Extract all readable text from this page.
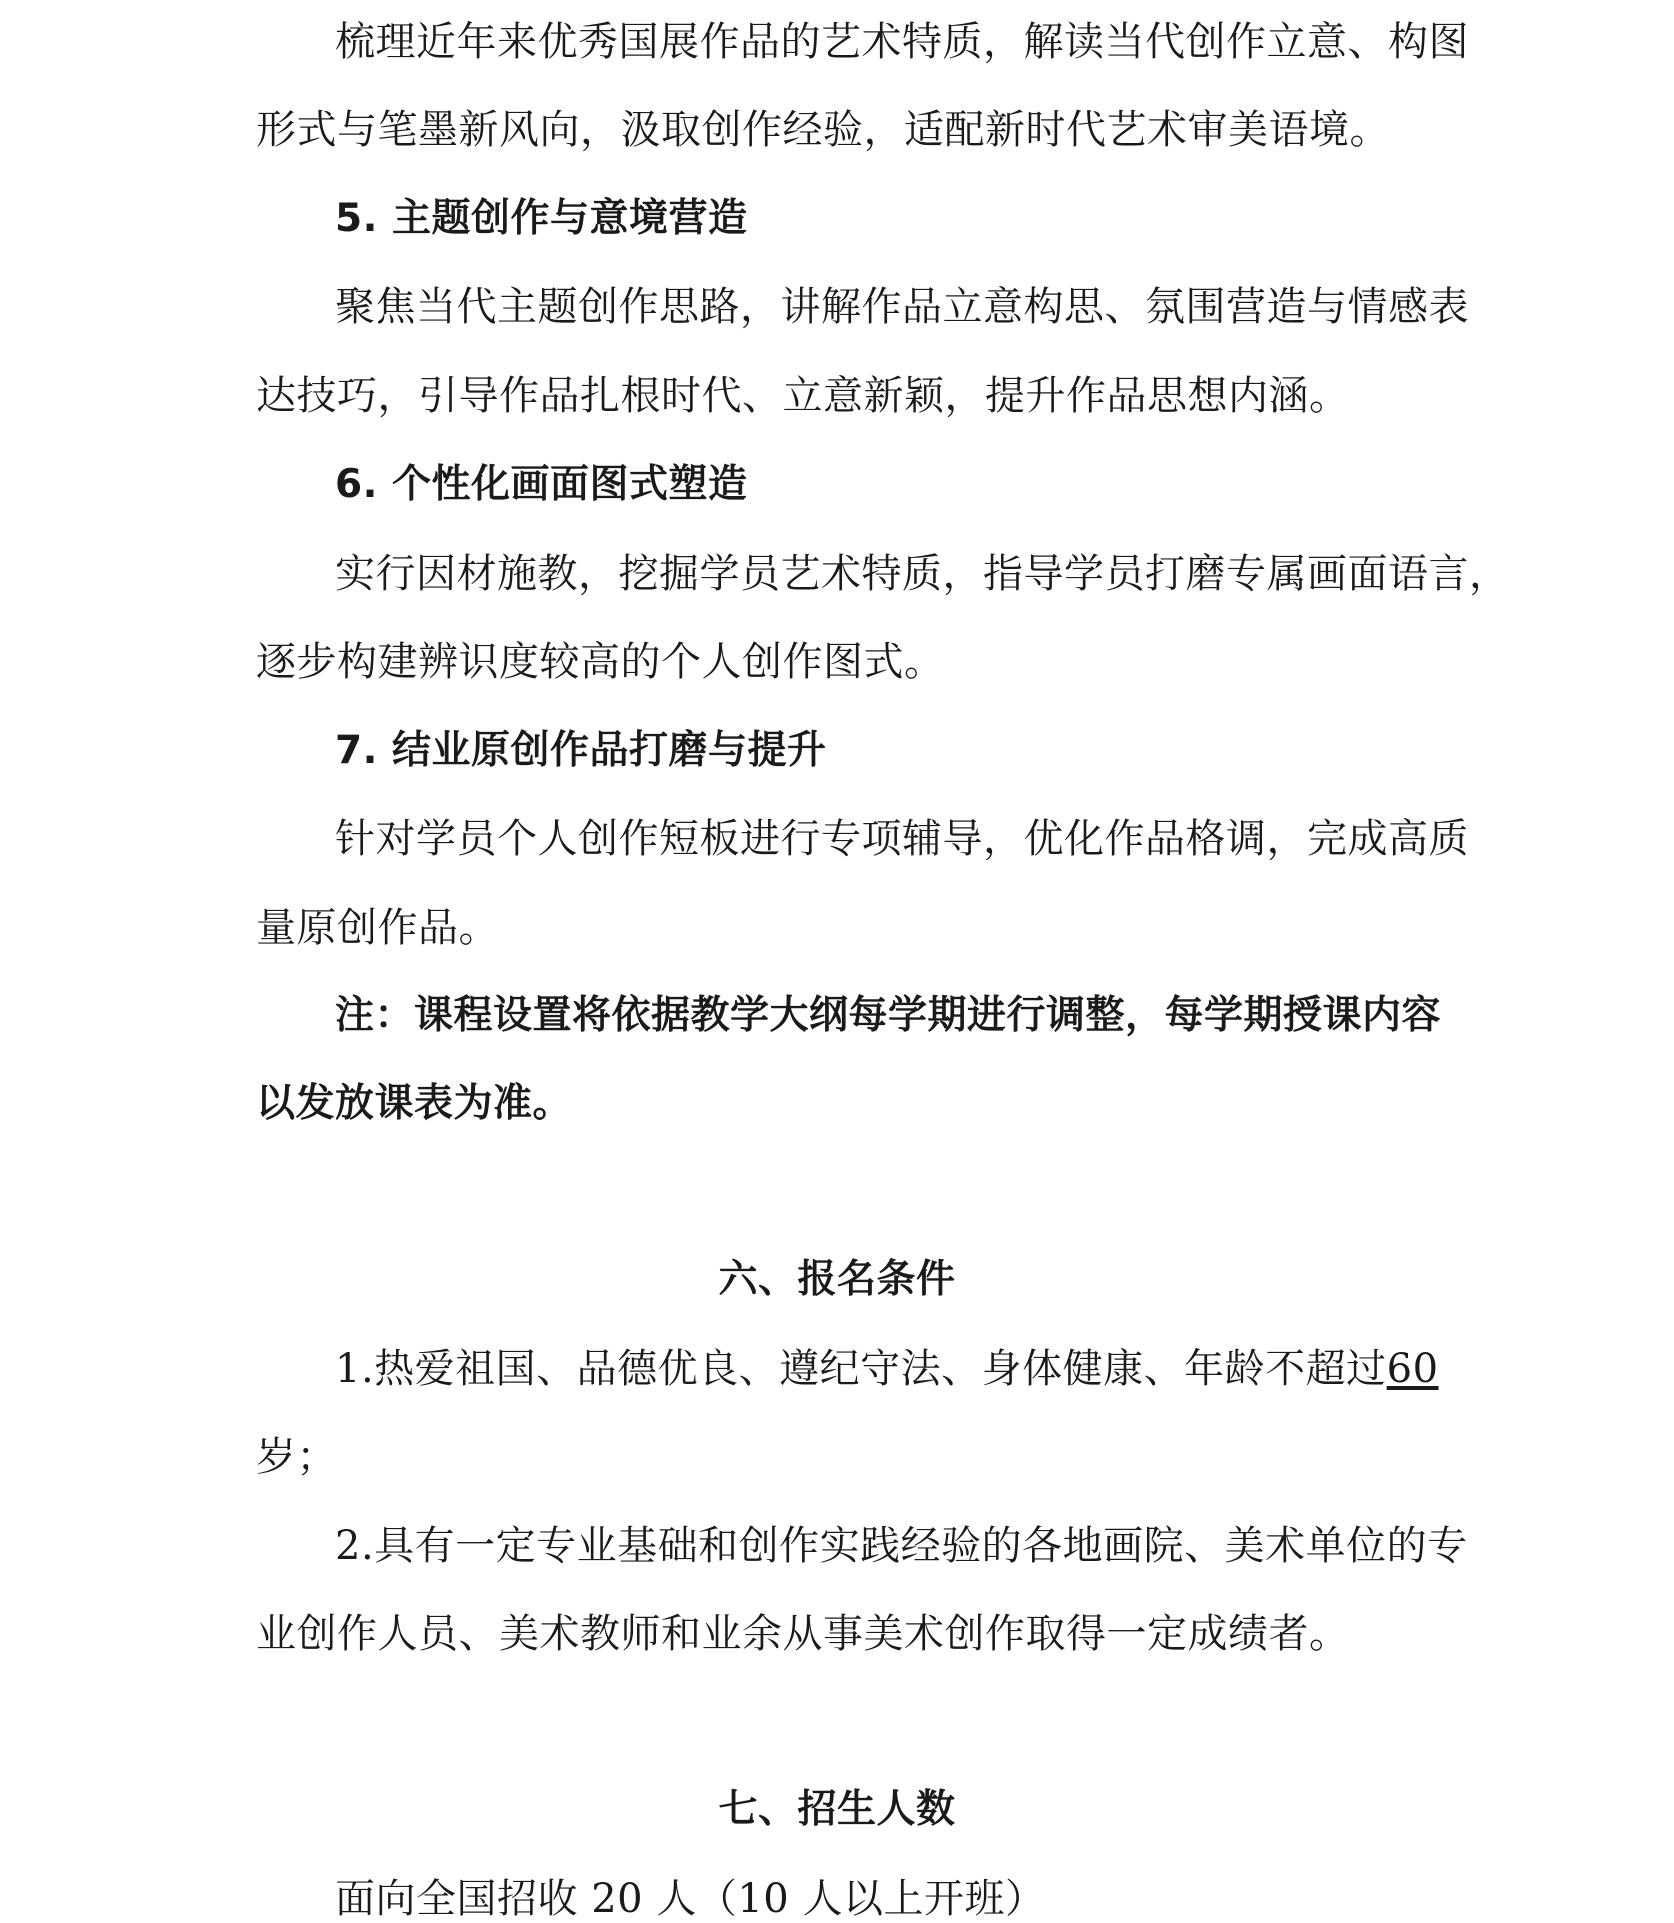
梳理近年来优秀国展作品的艺术特质，解读当代创作立意、构图
形式与笔墨新风向，汲取创作经验，适配新时代艺术审美语境。
5. 主题创作与意境营造
聚焦当代主题创作思路，讲解作品立意构思、氛围营造与情感表
达技巧，引导作品扎根时代、立意新颖，提升作品思想内涵。
6. 个性化画面图式塑造
实行因材施教，挖掘学员艺术特质，指导学员打磨专属画面语言，
逐步构建辨识度较高的个人创作图式。
7. 结业原创作品打磨与提升
针对学员个人创作短板进行专项辅导，优化作品格调，完成高质
量原创作品。
注：课程设置将依据教学大纲每学期进行调整，每学期授课内容
以发放课表为准。
六、报名条件
1.热爱祖国、品德优良、遵纪守法、身体健康、年龄不超过60
岁；
2.具有一定专业基础和创作实践经验的各地画院、美术单位的专
业创作人员、美术教师和业余从事美术创作取得一定成绩者。
七、招生人数
面向全国招收 20 人（10 人以上开班）
